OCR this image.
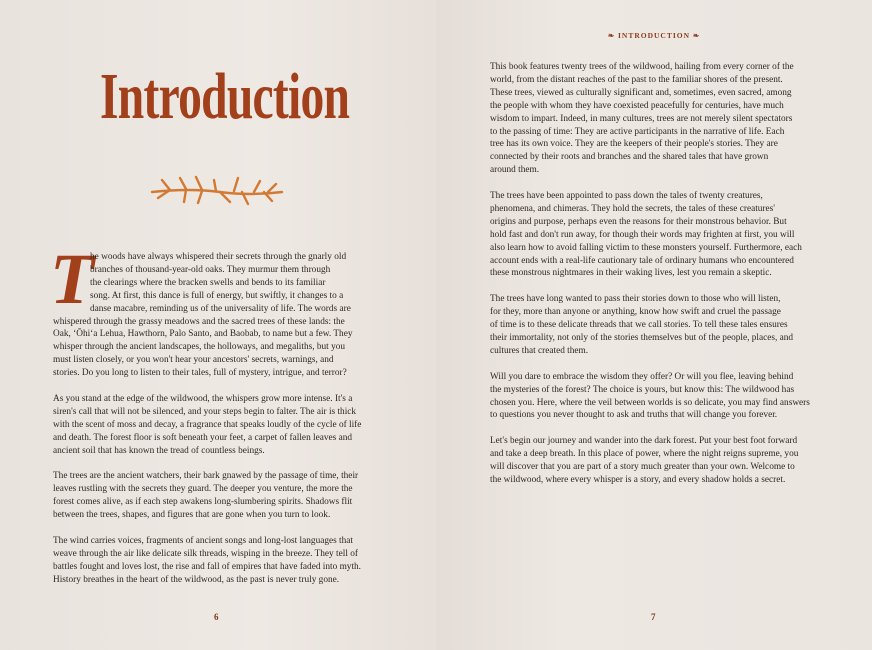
Introduction
T
he woods have always whispered their secrets through the gnarly old
branches of thousand-year-old oaks. They murmur them through
the clearings where the bracken swells and bends to its familiar
song. At first, this dance is full of energy, but swiftly, it changes to a
danse macabre, reminding us of the universality of life. The words are
whispered through the grassy meadows and the sacred trees of these lands: the
Oak, ʻŌhiʻa Lehua, Hawthorn, Palo Santo, and Baobab, to name but a few. They
whisper through the ancient landscapes, the holloways, and megaliths, but you
must listen closely, or you won't hear your ancestors' secrets, warnings, and
stories. Do you long to listen to their tales, full of mystery, intrigue, and terror?
As you stand at the edge of the wildwood, the whispers grow more intense. It's a
siren's call that will not be silenced, and your steps begin to falter. The air is thick
with the scent of moss and decay, a fragrance that speaks loudly of the cycle of life
and death. The forest floor is soft beneath your feet, a carpet of fallen leaves and
ancient soil that has known the tread of countless beings.
The trees are the ancient watchers, their bark gnawed by the passage of time, their
leaves rustling with the secrets they guard. The deeper you venture, the more the
forest comes alive, as if each step awakens long-slumbering spirits. Shadows flit
between the trees, shapes, and figures that are gone when you turn to look.
The wind carries voices, fragments of ancient songs and long-lost languages that
weave through the air like delicate silk threads, wisping in the breeze. They tell of
battles fought and loves lost, the rise and fall of empires that have faded into myth.
History breathes in the heart of the wildwood, as the past is never truly gone.
6
❧ INTRODUCTION ❧
This book features twenty trees of the wildwood, hailing from every corner of the
world, from the distant reaches of the past to the familiar shores of the present.
These trees, viewed as culturally significant and, sometimes, even sacred, among
the people with whom they have coexisted peacefully for centuries, have much
wisdom to impart. Indeed, in many cultures, trees are not merely silent spectators
to the passing of time: They are active participants in the narrative of life. Each
tree has its own voice. They are the keepers of their people's stories. They are
connected by their roots and branches and the shared tales that have grown
around them.
The trees have been appointed to pass down the tales of twenty creatures,
phenomena, and chimeras. They hold the secrets, the tales of these creatures'
origins and purpose, perhaps even the reasons for their monstrous behavior. But
hold fast and don't run away, for though their words may frighten at first, you will
also learn how to avoid falling victim to these monsters yourself. Furthermore, each
account ends with a real-life cautionary tale of ordinary humans who encountered
these monstrous nightmares in their waking lives, lest you remain a skeptic.
The trees have long wanted to pass their stories down to those who will listen,
for they, more than anyone or anything, know how swift and cruel the passage
of time is to these delicate threads that we call stories. To tell these tales ensures
their immortality, not only of the stories themselves but of the people, places, and
cultures that created them.
Will you dare to embrace the wisdom they offer? Or will you flee, leaving behind
the mysteries of the forest? The choice is yours, but know this: The wildwood has
chosen you. Here, where the veil between worlds is so delicate, you may find answers
to questions you never thought to ask and truths that will change you forever.
Let's begin our journey and wander into the dark forest. Put your best foot forward
and take a deep breath. In this place of power, where the night reigns supreme, you
will discover that you are part of a story much greater than your own. Welcome to
the wildwood, where every whisper is a story, and every shadow holds a secret.
7
